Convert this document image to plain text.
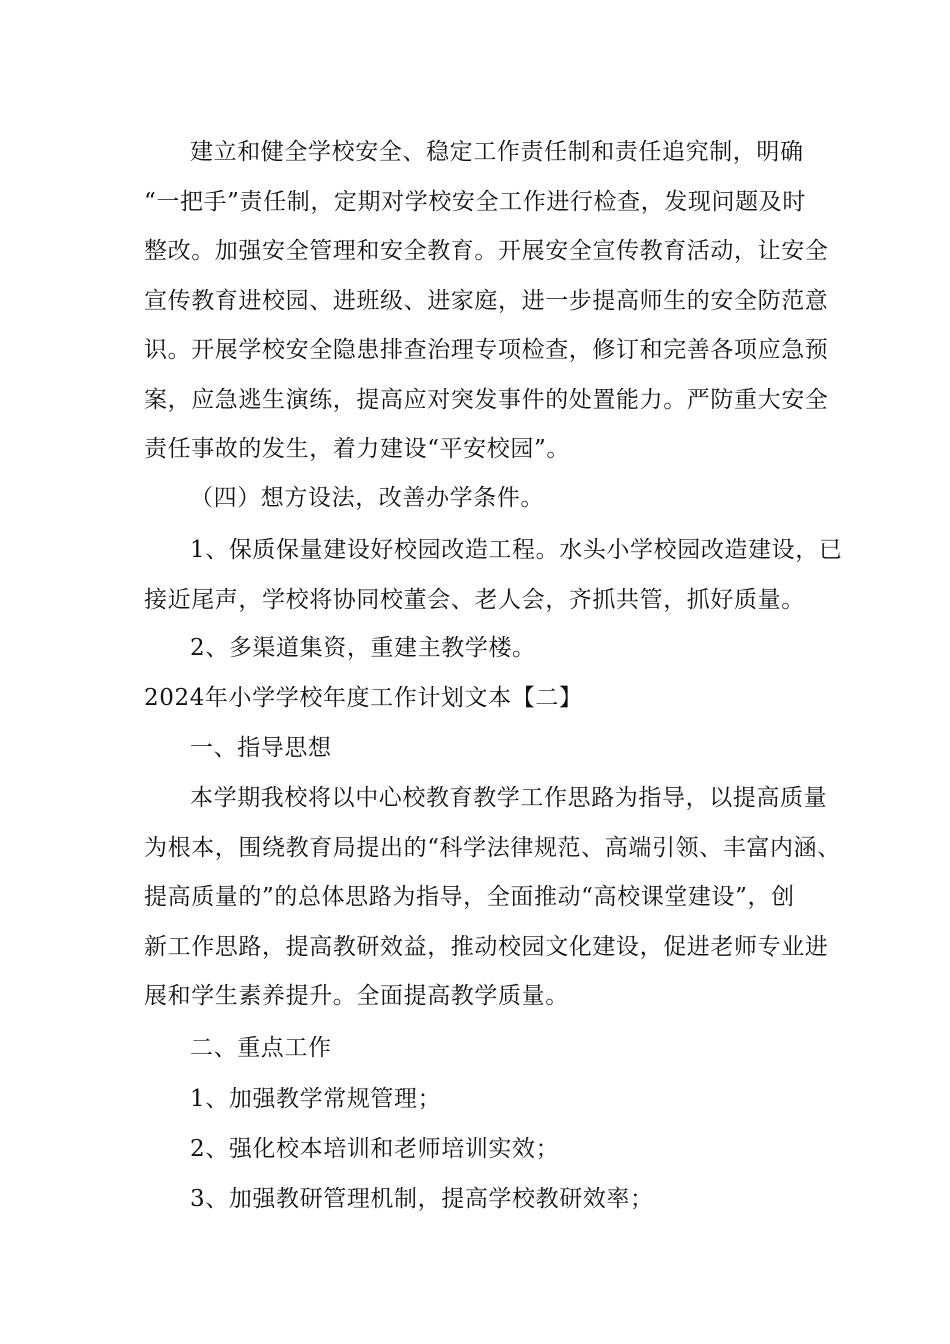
建立和健全学校安全、稳定工作责任制和责任追究制，明确
“一把手”责任制，定期对学校安全工作进行检查，发现问题及时
整改。加强安全管理和安全教育。开展安全宣传教育活动，让安全
宣传教育进校园、进班级、进家庭，进一步提高师生的安全防范意
识。开展学校安全隐患排查治理专项检查，修订和完善各项应急预
案，应急逃生演练，提高应对突发事件的处置能力。严防重大安全
责任事故的发生，着力建设“平安校园”。
（四）想方设法，改善办学条件。
1、保质保量建设好校园改造工程。水头小学校园改造建设，已
接近尾声，学校将协同校董会、老人会，齐抓共管，抓好质量。
2、多渠道集资，重建主教学楼。
2024年小学学校年度工作计划文本【二】
一、指导思想
本学期我校将以中心校教育教学工作思路为指导，以提高质量
为根本，围绕教育局提出的“科学法律规范、高端引领、丰富内涵、
提高质量的”的总体思路为指导，全面推动“高校课堂建设”，创
新工作思路，提高教研效益，推动校园文化建设，促进老师专业进
展和学生素养提升。全面提高教学质量。
二、重点工作
1、加强教学常规管理；
2、强化校本培训和老师培训实效；
3、加强教研管理机制，提高学校教研效率；
